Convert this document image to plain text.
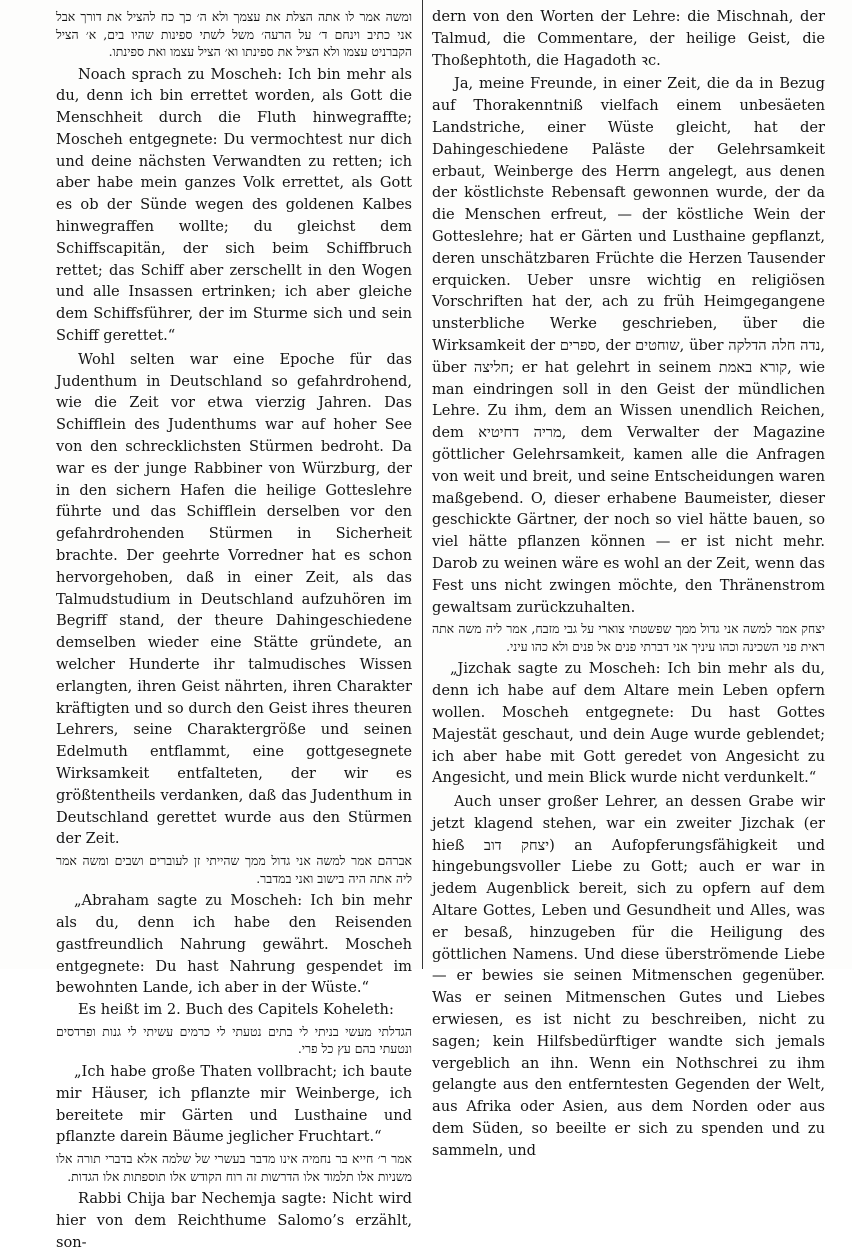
ומשה אמר לו אתה הצלת את עצמך ולא ה׳ כך כח להציל את דורך אבל אני כתיב וינחם ד׳ על הרעה׳ משל לשתי ספינות שהיו בים, א׳ הציל הקברניט עצמו ולא הציל את ספינתו וא׳ הציל עצמו ואת ספינתו.

Noach sprach zu Moscheh: Ich bin mehr als du, denn ich bin errettet worden, als Gott die Menschheit durch die Fluth hinwegraffte; Moscheh entgegnete: Du vermochtest nur dich und deine nächsten Verwandten zu retten; ich aber habe mein ganzes Volk errettet, als Gott es ob der Sünde wegen des goldenen Kalbes hinwegraffen wollte; du gleichst dem Schiffscapitän, der sich beim Schiffbruch rettet; das Schiff aber zerschellt in den Wogen und alle Insassen ertrinken; ich aber gleiche dem Schiffsführer, der im Sturme sich und sein Schiff gerettet.“

Wohl selten war eine Epoche für das Judenthum in Deutschland so gefahrdrohend, wie die Zeit vor etwa vierzig Jahren. Das Schifflein des Judenthums war auf hoher See von den schrecklichsten Stürmen bedroht. Da war es der junge Rabbiner von Würzburg, der in den sichern Hafen die heilige Gotteslehre führte und das Schifflein derselben vor den gefahrdrohenden Stürmen in Sicherheit brachte. Der geehrte Vorredner hat es schon hervorgehoben, daß in einer Zeit, als das Talmudstudium in Deutschland aufzuhören im Begriff stand, der theure Dahingeschiedene demselben wieder eine Stätte gründete, an welcher Hunderte ihr talmudisches Wissen erlangten, ihren Geist nährten, ihren Charakter kräftigten und so durch den Geist ihres theuren Lehrers, seine Charaktergröße und seinen Edelmuth entflammt, eine gottgesegnete Wirksamkeit entfalteten, der wir es größtentheils verdanken, daß das Judenthum in Deutschland gerettet wurde aus den Stürmen der Zeit.

אברהם אמר למשה אני גדול ממך שהייתי זן לעוברים ושבים ומשה אמר ליה אתה היה בישוב ואני במדבר.

„Abraham sagte zu Moscheh: Ich bin mehr als du, denn ich habe den Reisenden gastfreundlich Nahrung gewährt. Moscheh entgegnete: Du hast Nahrung gespendet im bewohnten Lande, ich aber in der Wüste.“

Es heißt im 2. Buch des Capitels Koheleth:

הגדלתי מעשי בניתי לי בתים נטעתי לי כרמים עשיתי לי גנות ופרדסים ונטעתי בהם עץ כל פרי.

„Ich habe große Thaten vollbracht; ich baute mir Häuser, ich pflanzte mir Weinberge, ich bereitete mir Gärten und Lusthaine und pflanzte darein Bäume jeglicher Fruchtart.“

אמר ר׳ חייא בר נחמיה אינו מדבר בעשרי של שלמה אלא בדברי תורה אלו משניות אלו תלמוד אלו הדרשות זה רוח הקודש אלו תוספתות אלו הגדות.

Rabbi Chija bar Nechemja sagte: Nicht wird hier von dem Reichthume Salomo’s erzählt, son-

dern von den Worten der Lehre: die Mischnah, der Talmud, die Commentare, der heilige Geist, die Thoßephtoth, die Hagadoth ꝛc.

Ja, meine Freunde, in einer Zeit, die da in Bezug auf Thorakenntniß vielfach einem unbesäeten Landstriche, einer Wüste gleicht, hat der Dahingeschiedene Paläste der Gelehrsamkeit erbaut, Weinberge des Herrn angelegt, aus denen der köstlichste Rebensaft gewonnen wurde, der da die Menschen erfreut, — der köstliche Wein der Gotteslehre; hat er Gärten und Lusthaine gepflanzt, deren unschätzbaren Früchte die Herzen Tausender erquicken. Ueber unsre wichtig en religiösen Vorschriften hat der, ach zu früh Heimgegangene unsterbliche Werke geschrieben, über die Wirksamkeit der ספרים, der שוחטים, über נדה חלה הדלקה, über חליצה; er hat gelehrt in seinem קורא באמת, wie man eindringen soll in den Geist der mündlichen Lehre. Zu ihm, dem an Wissen unendlich Reichen, dem מריה דחיטיא, dem Verwalter der Magazine göttlicher Gelehrsamkeit, kamen alle die Anfragen von weit und breit, und seine Entscheidungen waren maßgebend. O, dieser erhabene Baumeister, dieser geschickte Gärtner, der noch so viel hätte bauen, so viel hätte pflanzen können — er ist nicht mehr. Darob zu weinen wäre es wohl an der Zeit, wenn das Fest uns nicht zwingen möchte, den Thränenstrom gewaltsam zurückzuhalten.

יצחק אמר למשה אני גדול ממך שפשטתי צוארי על גבי מזבח, אמר ליה משה אתה ראית פני השכינה וכהו עיניך אני דברתי פנים אל פנים ולא כהו עיני.

„Jizchak sagte zu Moscheh: Ich bin mehr als du, denn ich habe auf dem Altare mein Leben opfern wollen. Moscheh entgegnete: Du hast Gottes Majestät geschaut, und dein Auge wurde geblendet; ich aber habe mit Gott geredet von Angesicht zu Angesicht, und mein Blick wurde nicht verdunkelt.“

Auch unser großer Lehrer, an dessen Grabe wir jetzt klagend stehen, war ein zweiter Jizchak (er hieß יצחק דוב) an Aufopferungsfähigkeit und hingebungsvoller Liebe zu Gott; auch er war in jedem Augenblick bereit, sich zu opfern auf dem Altare Gottes, Leben und Gesundheit und Alles, was er besaß, hinzugeben für die Heiligung des göttlichen Namens. Und diese überströmende Liebe — er bewies sie seinen Mitmenschen gegenüber. Was er seinen Mitmenschen Gutes und Liebes erwiesen, es ist nicht zu beschreiben, nicht zu sagen; kein Hilfsbedürftiger wandte sich jemals vergeblich an ihn. Wenn ein Nothschrei zu ihm gelangte aus den entferntesten Gegenden der Welt, aus Afrika oder Asien, aus dem Norden oder aus dem Süden, so beeilte er sich zu spenden und zu sammeln, und
